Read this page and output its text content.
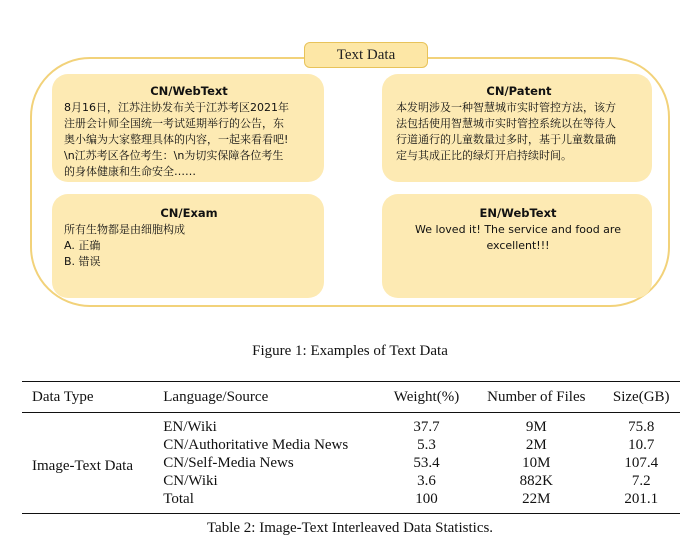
Text Data
CN/WebText
8月16日，江苏注协发布关于江苏考区2021年
注册会计师全国统一考试延期举行的公告，东
奥小编为大家整理具体的内容，一起来看看吧!
\n江苏考区各位考生：\n为切实保障各位考生
的身体健康和生命安全……
CN/Patent
本发明涉及一种智慧城市实时管控方法，该方
法包括使用智慧城市实时管控系统以在等待人
行道通行的儿童数量过多时，基于儿童数量确
定与其成正比的绿灯开启持续时间。
CN/Exam
所有生物都是由细胞构成
A. 正确
B. 错误
EN/WebText
We loved it! The service and food are excellent!!!
Figure 1: Examples of Text Data
Data Type	Language/Source	Weight(%)	Number of Files	Size(GB)
Image-Text Data	EN/Wiki	37.7	9M	75.8
	CN/Authoritative Media News	5.3	2M	10.7
	CN/Self-Media News	53.4	10M	107.4
	CN/Wiki	3.6	882K	7.2
	Total	100	22M	201.1
Table 2: Image-Text Interleaved Data Statistics.
